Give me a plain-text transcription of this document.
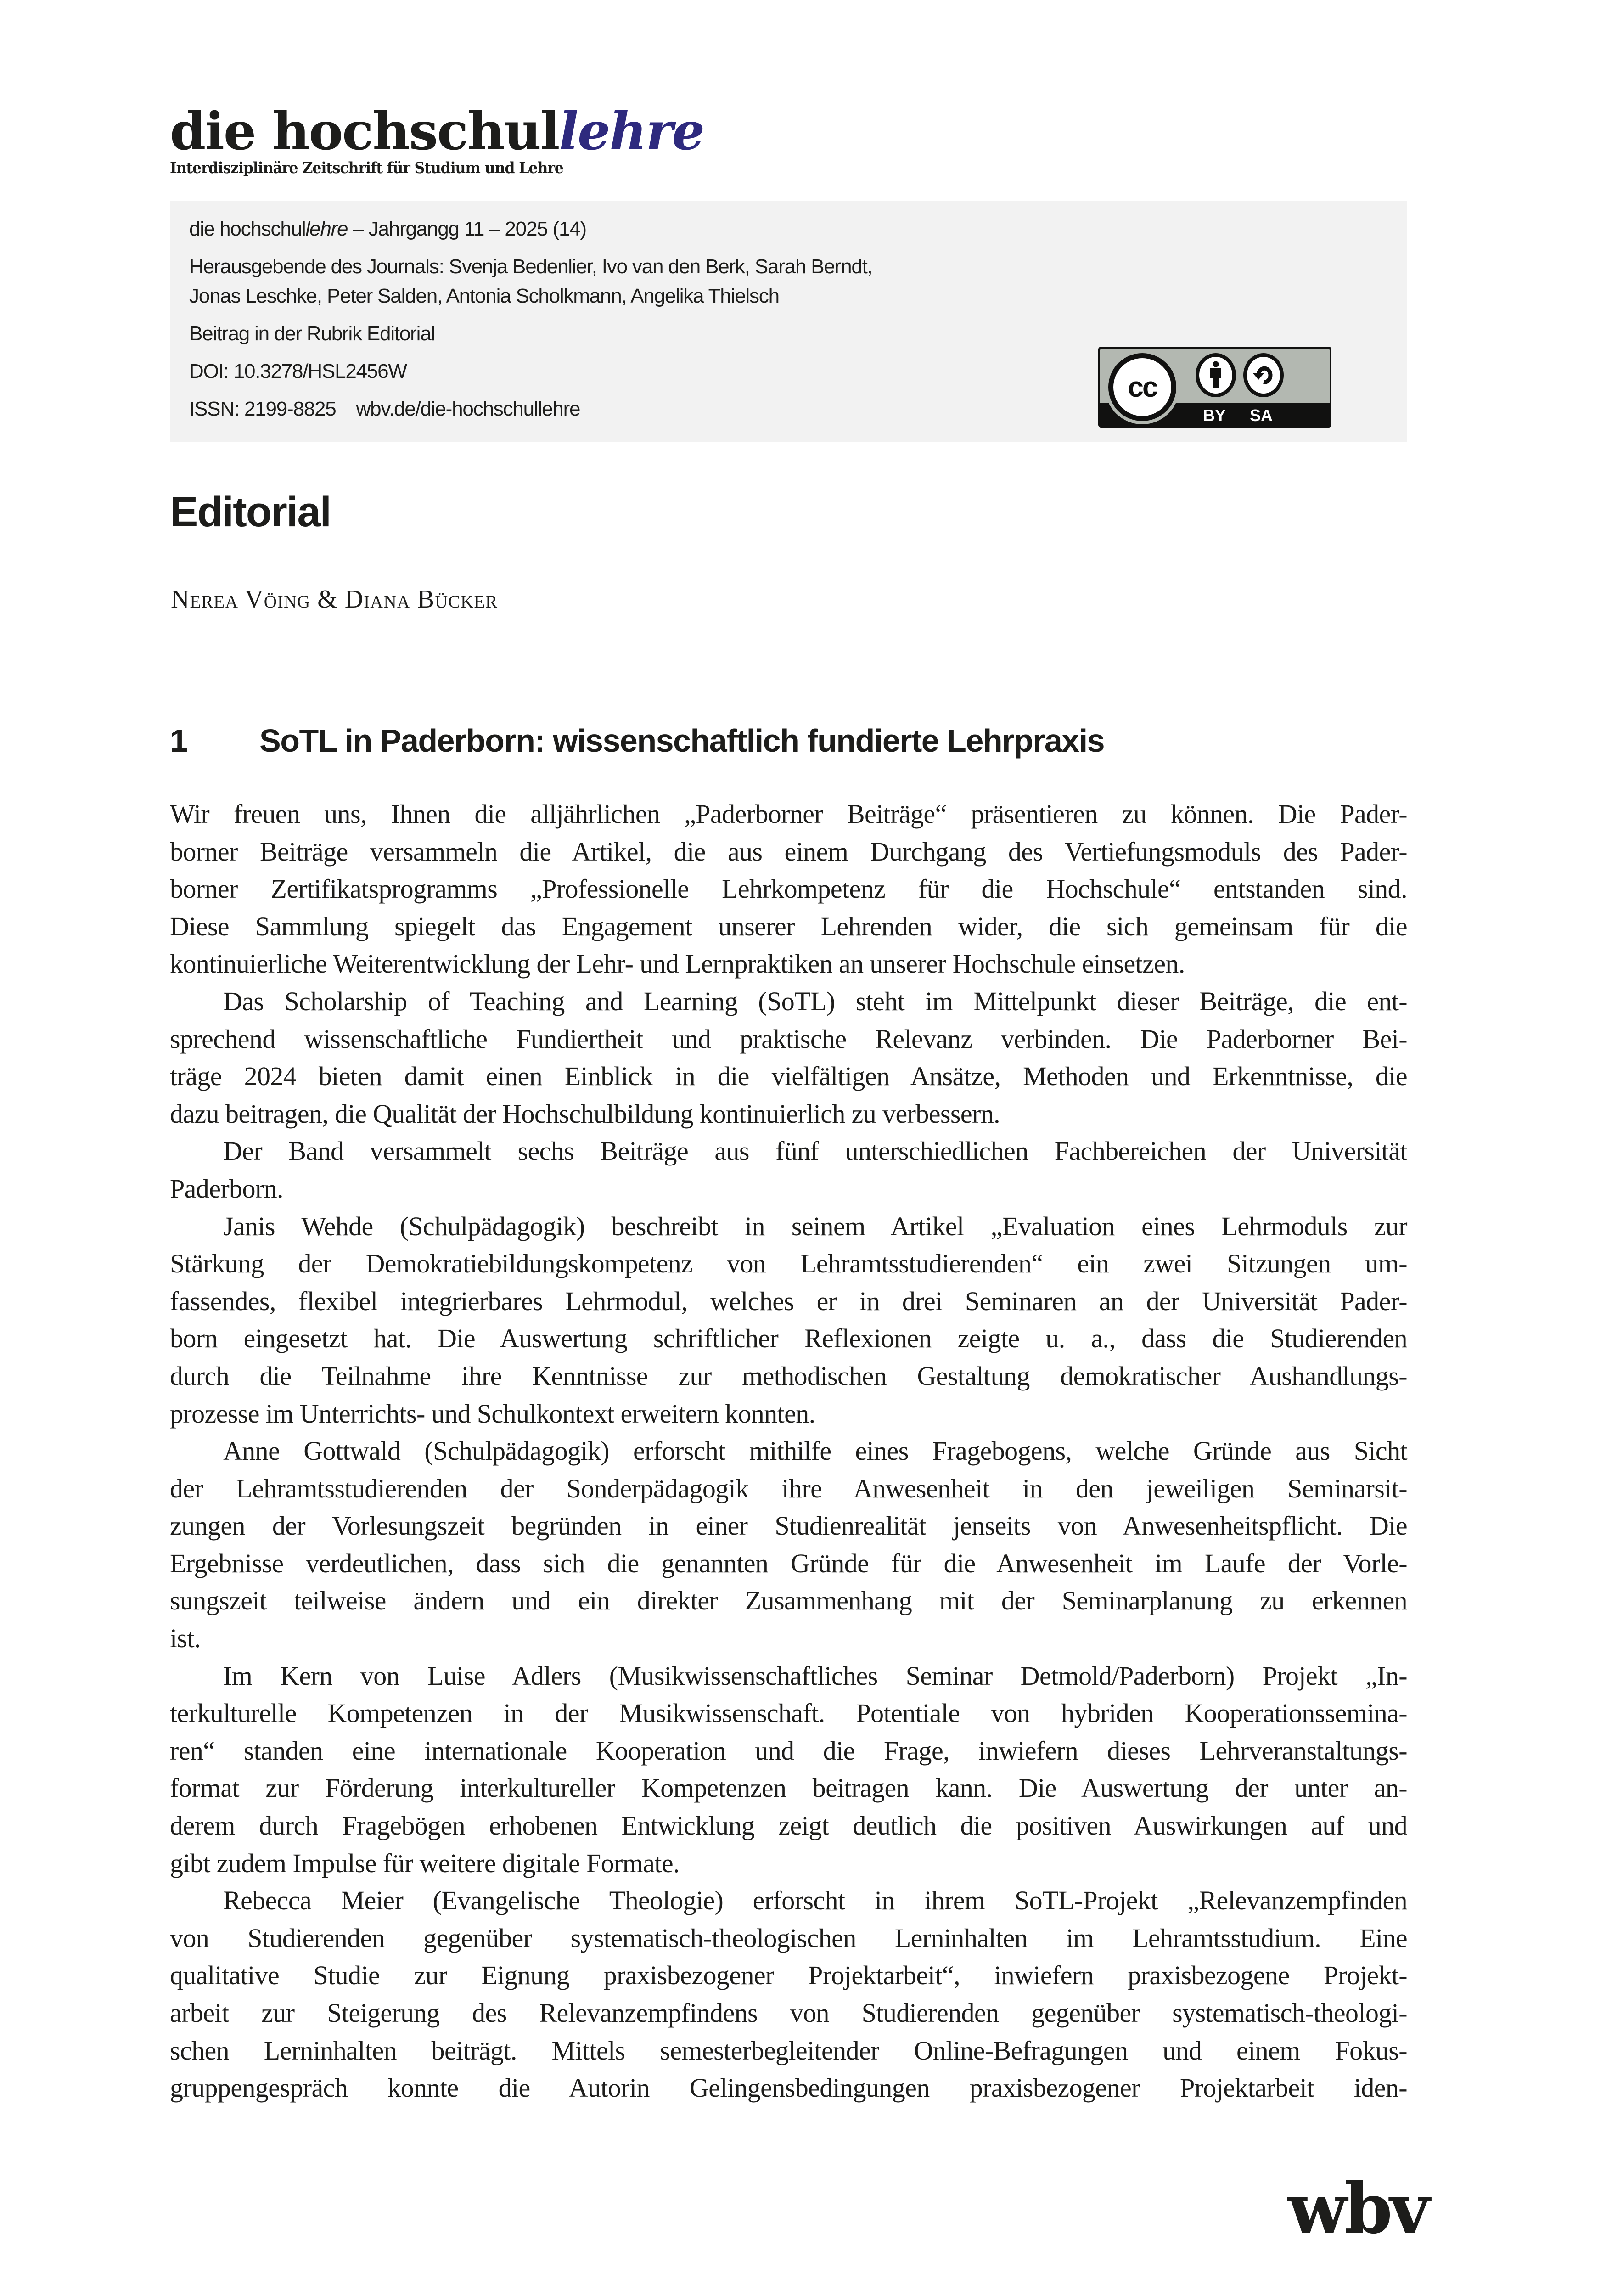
die hochschullehre
Interdisziplinäre Zeitschrift für Studium und Lehre
die hochschullehre – Jahrgangg 11 – 2025 (14)
Herausgebende des Journals: Svenja Bedenlier, Ivo van den Berk, Sarah Berndt,
Jonas Leschke, Peter Salden, Antonia Scholkmann, Angelika Thielsch
Beitrag in der Rubrik Editorial
DOI: 10.3278/HSL2456W
ISSN: 2199-8825 wbv.de/die-hochschullehre
cc
BY SA
Editorial
Nerea Vöing & Diana Bücker
1 SoTL in Paderborn: wissenschaftlich fundierte Lehrpraxis
Wir freuen uns, Ihnen die alljährlichen „Paderborner Beiträge“ präsentieren zu können. Die Pader-
borner Beiträge versammeln die Artikel, die aus einem Durchgang des Vertiefungsmoduls des Pader-
borner Zertifikatsprogramms „Professionelle Lehrkompetenz für die Hochschule“ entstanden sind.
Diese Sammlung spiegelt das Engagement unserer Lehrenden wider, die sich gemeinsam für die
kontinuierliche Weiterentwicklung der Lehr- und Lernpraktiken an unserer Hochschule einsetzen.
Das Scholarship of Teaching and Learning (SoTL) steht im Mittelpunkt dieser Beiträge, die ent-
sprechend wissenschaftliche Fundiertheit und praktische Relevanz verbinden. Die Paderborner Bei-
träge 2024 bieten damit einen Einblick in die vielfältigen Ansätze, Methoden und Erkenntnisse, die
dazu beitragen, die Qualität der Hochschulbildung kontinuierlich zu verbessern.
Der Band versammelt sechs Beiträge aus fünf unterschiedlichen Fachbereichen der Universität
Paderborn.
Janis Wehde (Schulpädagogik) beschreibt in seinem Artikel „Evaluation eines Lehrmoduls zur
Stärkung der Demokratiebildungskompetenz von Lehramtsstudierenden“ ein zwei Sitzungen um-
fassendes, flexibel integrierbares Lehrmodul, welches er in drei Seminaren an der Universität Pader-
born eingesetzt hat. Die Auswertung schriftlicher Reflexionen zeigte u. a., dass die Studierenden
durch die Teilnahme ihre Kenntnisse zur methodischen Gestaltung demokratischer Aushandlungs-
prozesse im Unterrichts- und Schulkontext erweitern konnten.
Anne Gottwald (Schulpädagogik) erforscht mithilfe eines Fragebogens, welche Gründe aus Sicht
der Lehramtsstudierenden der Sonderpädagogik ihre Anwesenheit in den jeweiligen Seminarsit-
zungen der Vorlesungszeit begründen in einer Studienrealität jenseits von Anwesenheitspflicht. Die
Ergebnisse verdeutlichen, dass sich die genannten Gründe für die Anwesenheit im Laufe der Vorle-
sungszeit teilweise ändern und ein direkter Zusammenhang mit der Seminarplanung zu erkennen
ist.
Im Kern von Luise Adlers (Musikwissenschaftliches Seminar Detmold/Paderborn) Projekt „In-
terkulturelle Kompetenzen in der Musikwissenschaft. Potentiale von hybriden Kooperationssemina-
ren“ standen eine internationale Kooperation und die Frage, inwiefern dieses Lehrveranstaltungs-
format zur Förderung interkultureller Kompetenzen beitragen kann. Die Auswertung der unter an-
derem durch Fragebögen erhobenen Entwicklung zeigt deutlich die positiven Auswirkungen auf und
gibt zudem Impulse für weitere digitale Formate.
Rebecca Meier (Evangelische Theologie) erforscht in ihrem SoTL-Projekt „Relevanzempfinden
von Studierenden gegenüber systematisch-theologischen Lerninhalten im Lehramtsstudium. Eine
qualitative Studie zur Eignung praxisbezogener Projektarbeit“, inwiefern praxisbezogene Projekt-
arbeit zur Steigerung des Relevanzempfindens von Studierenden gegenüber systematisch-theologi-
schen Lerninhalten beiträgt. Mittels semesterbegleitender Online-Befragungen und einem Fokus-
gruppengespräch konnte die Autorin Gelingensbedingungen praxisbezogener Projektarbeit iden-
wbv
